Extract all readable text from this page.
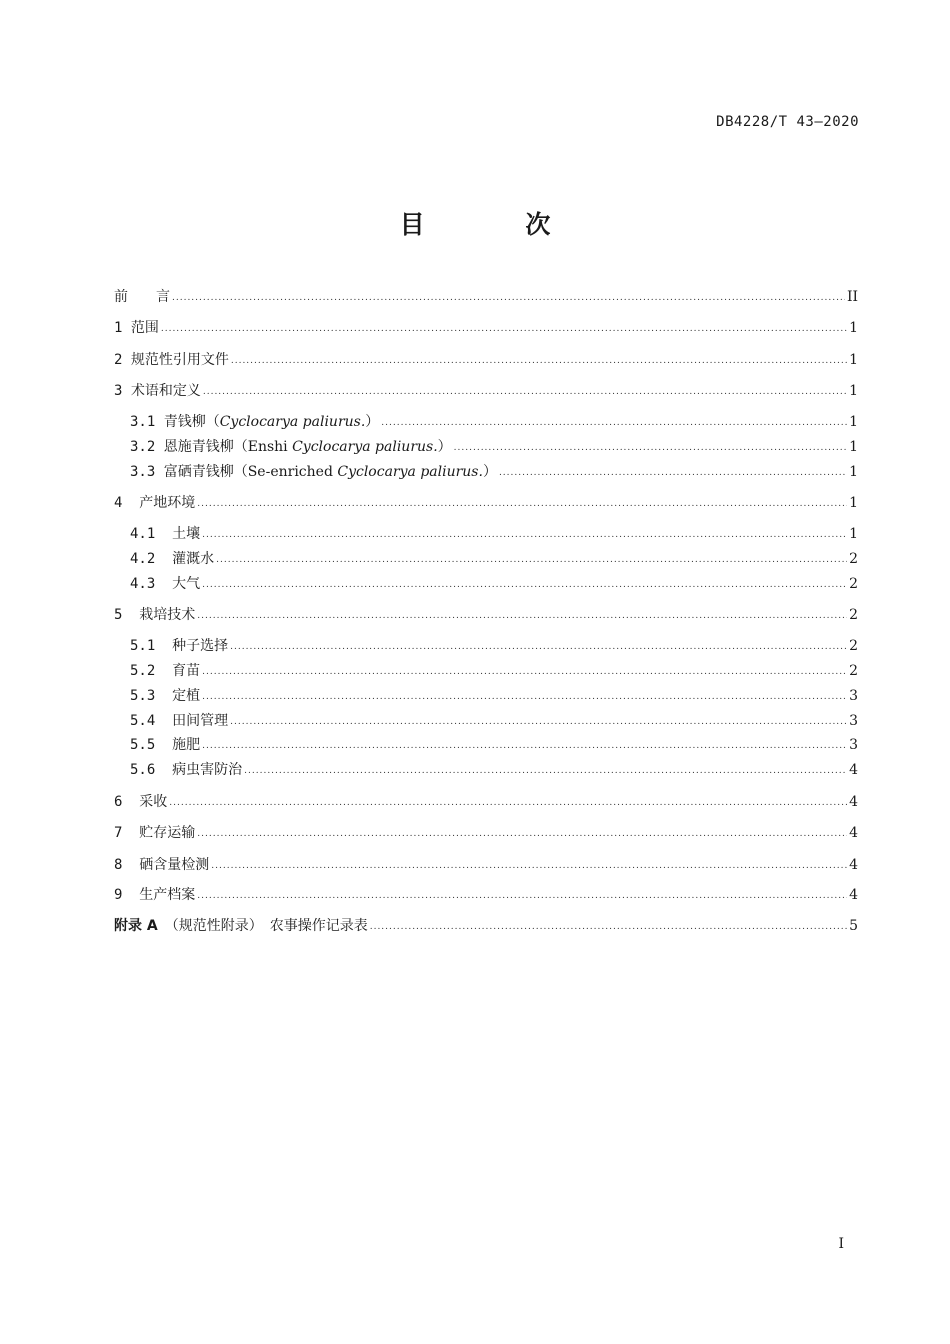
DB4228/T 43—2020
目 次
前　　言 .....	II
1 范围 .....	1
2 规范性引用文件 .....	1
3 术语和定义 .....	1
3.1 青钱柳（Cyclocarya paliurus.） .....	1
3.2 恩施青钱柳（Enshi Cyclocarya paliurus.） .....	1
3.3 富硒青钱柳（Se-enriched Cyclocarya paliurus.） .....	1
4 产地环境 .....	1
4.1 土壤 .....	1
4.2 灌溉水 .....	2
4.3 大气 .....	2
5 栽培技术 .....	2
5.1 种子选择 .....	2
5.2 育苗 .....	2
5.3 定植 .....	3
5.4 田间管理 .....	3
5.5 施肥 .....	3
5.6 病虫害防治 .....	4
6 采收 .....	4
7 贮存运输 .....	4
8 硒含量检测 .....	4
9 生产档案 .....	4
附录 A 　（规范性附录）　农事操作记录表 .....	5
I
